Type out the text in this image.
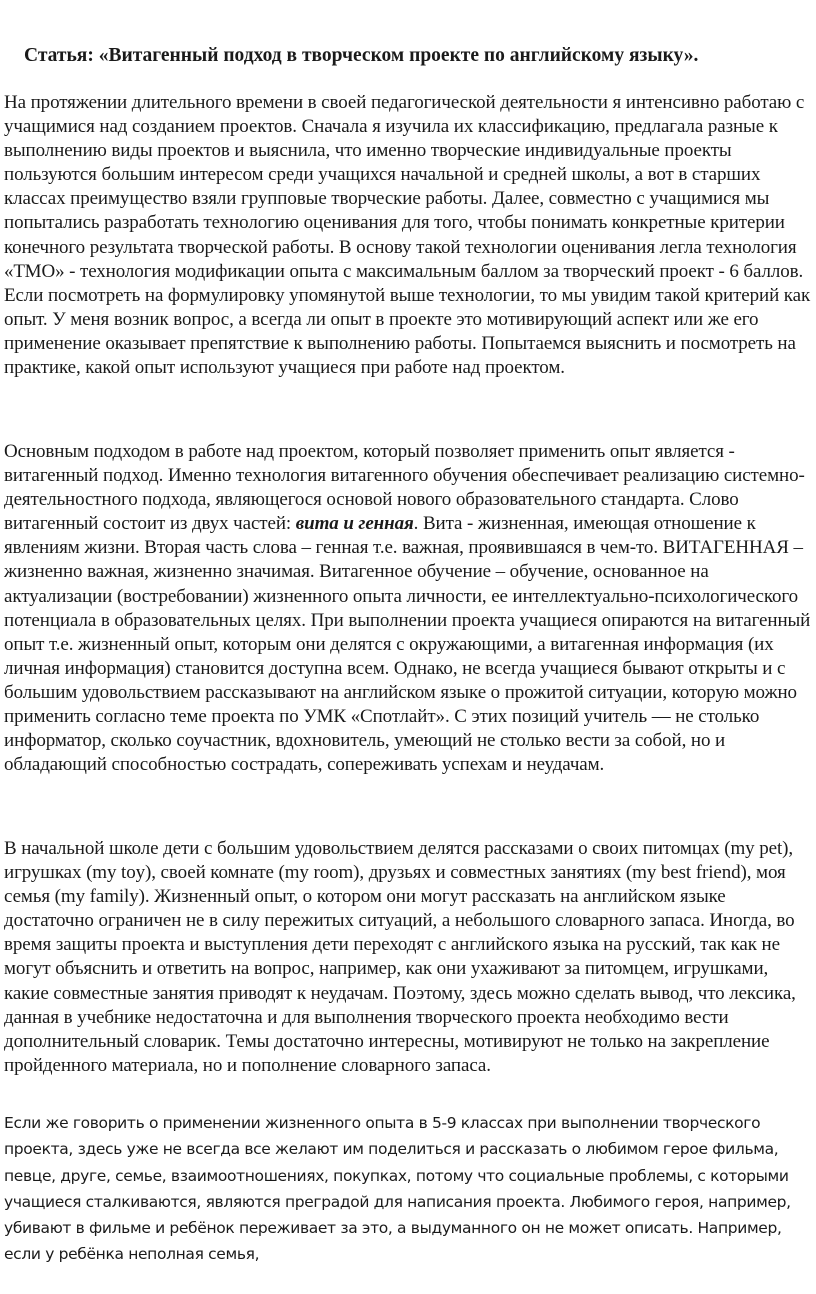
Статья: «Витагенный подход в творческом проекте по английскому языку».

На протяжении длительного времени в своей педагогической деятельности я интенсивно работаю с учащимися над созданием проектов. Сначала я изучила их классификацию, предлагала разные к выполнению виды проектов и выяснила, что именно творческие индивидуальные проекты пользуются большим интересом среди учащихся начальной и средней школы, а вот в старших классах преимущество взяли групповые творческие работы. Далее, совместно с учащимися мы попытались разработать технологию оценивания для того, чтобы понимать конкретные критерии конечного результата творческой работы. В основу такой технологии оценивания легла технология «ТМО» - технология модификации опыта с максимальным баллом за творческий проект - 6 баллов. Если посмотреть на формулировку упомянутой выше технологии, то мы увидим такой критерий как опыт. У меня возник вопрос, а всегда ли опыт в проекте это мотивирующий аспект или же его применение оказывает препятствие к выполнению работы. Попытаемся выяснить и посмотреть на практике, какой опыт используют учащиеся при работе над проектом.

Основным подходом в работе над проектом, который позволяет применить опыт является - витагенный подход. Именно технология витагенного обучения обеспечивает реализацию системно-деятельностного подхода, являющегося основой нового образовательного стандарта. Слово витагенный состоит из двух частей: вита и генная. Вита - жизненная, имеющая отношение к явлениям жизни. Вторая часть слова – генная т.е. важная, проявившаяся в чем-то. ВИТАГЕННАЯ – жизненно важная, жизненно значимая. Витагенное обучение – обучение, основанное на актуализации (востребовании) жизненного опыта личности, ее интеллектуально-психологического потенциала в образовательных целях. При выполнении проекта учащиеся опираются на витагенный опыт т.е. жизненный опыт, которым они делятся с окружающими, а витагенная информация (их личная информация) становится доступна всем. Однако, не всегда учащиеся бывают открыты и с большим удовольствием рассказывают на английском языке о прожитой ситуации, которую можно применить согласно теме проекта по УМК «Спотлайт». С этих позиций учитель — не столько информатор, сколько соучастник, вдохновитель, умеющий не столько вести за собой, но и обладающий способностью сострадать, сопереживать успехам и неудачам.

В начальной школе дети с большим удовольствием делятся рассказами о своих питомцах (my pet), игрушках (my toy), своей комнате (my room), друзьях и совместных занятиях (my best friend), моя семья (my family). Жизненный опыт, о котором они могут рассказать на английском языке достаточно ограничен не в силу пережитых ситуаций, а небольшого словарного запаса. Иногда, во время защиты проекта и выступления дети переходят с английского языка на русский, так как не могут объяснить и ответить на вопрос, например, как они ухаживают за питомцем, игрушками, какие совместные занятия приводят к неудачам. Поэтому, здесь можно сделать вывод, что лексика, данная в учебнике недостаточна и для выполнения творческого проекта необходимо вести дополнительный словарик. Темы достаточно интересны, мотивируют не только на закрепление пройденного материала, но и пополнение словарного запаса.

Если же говорить о применении жизненного опыта в 5-9 классах при выполнении творческого проекта, здесь уже не всегда все желают им поделиться и рассказать о любимом герое фильма, певце, друге, семье, взаимоотношениях, покупках, потому что социальные проблемы, с которыми учащиеся сталкиваются, являются преградой для написания проекта. Любимого героя, например, убивают в фильме и ребёнок переживает за это, а выдуманного он не может описать. Например, если у ребёнка неполная семья,
